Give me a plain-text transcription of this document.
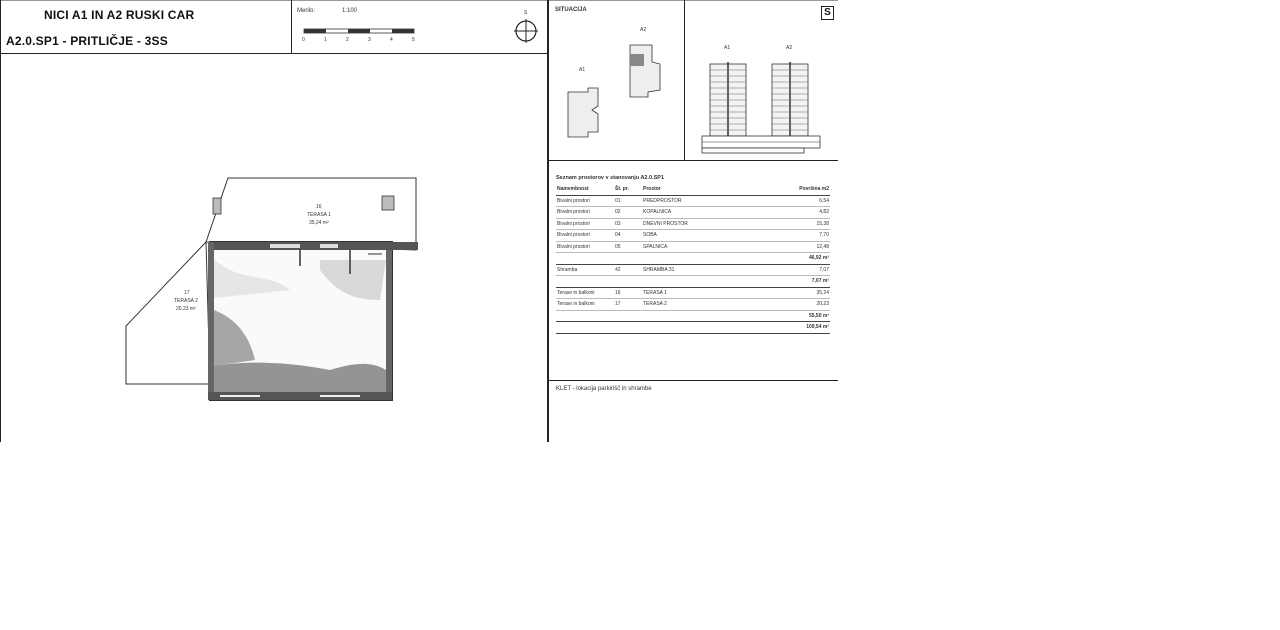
NICI A1 IN A2 RUSKI CAR
A2.0.SP1 - PRITLIČJE - 3SS
Merilo:	1:100
0	1	2	3	4	5
S
16
TERASA 1
35,24 m²
17
TERASA 2
20,23 m²
SITUACIJA	S
A2
A1
A1	A2
Seznam prostorov v stanovanju A2.0.SP1
Namembnost	Št. pr.	Prostor	Površina m2
Bivalni prostori	01	PREDPROSTOR	6,54
Bivalni prostori	02	KOPALNICA	4,82
Bivalni prostori	03	DNEVNI PROSTOR	15,38
Bivalni prostori	04	SOBA	7,70
Bivalni prostori	05	SPALNICA	12,48
46,92 m²			
Shramba	42	SHRAMBA 31	7,07
7,07 m²			
Terase in balkoni	16	TERASA 1	35,24
Terase in balkoni	17	TERASA 2	20,23
55,50 m²			
109,54 m²			
KLET - lokacija parkirišč in shrambe
